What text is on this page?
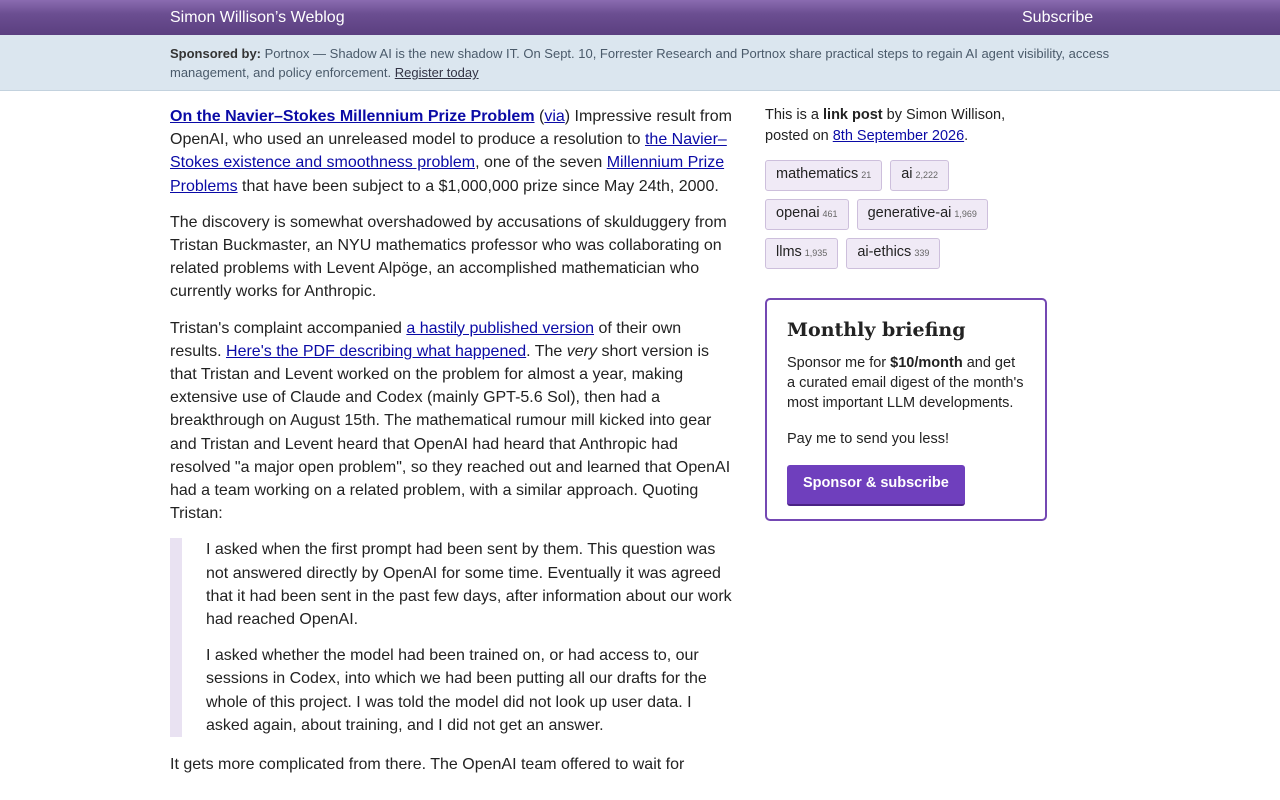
Simon Willison’s Weblog	Subscribe
Sponsored by: Portnox — Shadow AI is the new shadow IT. On Sept. 10, Forrester Research and Portnox share practical steps to regain AI agent visibility, access management, and policy enforcement. Register today

On the Navier–Stokes Millennium Prize Problem (via) Impressive result from OpenAI, who used an unreleased model to produce a resolution to the Navier–Stokes existence and smoothness problem, one of the seven Millennium Prize Problems that have been subject to a $1,000,000 prize since May 24th, 2000.

The discovery is somewhat overshadowed by accusations of skulduggery from Tristan Buckmaster, an NYU mathematics professor who was collaborating on related problems with Levent Alpöge, an accomplished mathematician who currently works for Anthropic.

Tristan's complaint accompanied a hastily published version of their own results. Here's the PDF describing what happened. The very short version is that Tristan and Levent worked on the problem for almost a year, making extensive use of Claude and Codex (mainly GPT-5.6 Sol), then had a breakthrough on August 15th. The mathematical rumour mill kicked into gear and Tristan and Levent heard that OpenAI had heard that Anthropic had resolved "a major open problem", so they reached out and learned that OpenAI had a team working on a related problem, with a similar approach. Quoting Tristan:

I asked when the first prompt had been sent by them. This question was not answered directly by OpenAI for some time. Eventually it was agreed that it had been sent in the past few days, after information about our work had reached OpenAI.

I asked whether the model had been trained on, or had access to, our sessions in Codex, into which we had been putting all our drafts for the whole of this project. I was told the model did not look up user data. I asked again, about training, and I did not get an answer.

It gets more complicated from there. The OpenAI team offered to wait for

This is a link post by Simon Willison, posted on 8th September 2026.

mathematics 21	ai 2,222
openai 461	generative-ai 1,969
llms 1,935	ai-ethics 339
Monthly briefing

Sponsor me for $10/month and get a curated email digest of the month's most important LLM developments.

Pay me to send you less!

Sponsor & subscribe
